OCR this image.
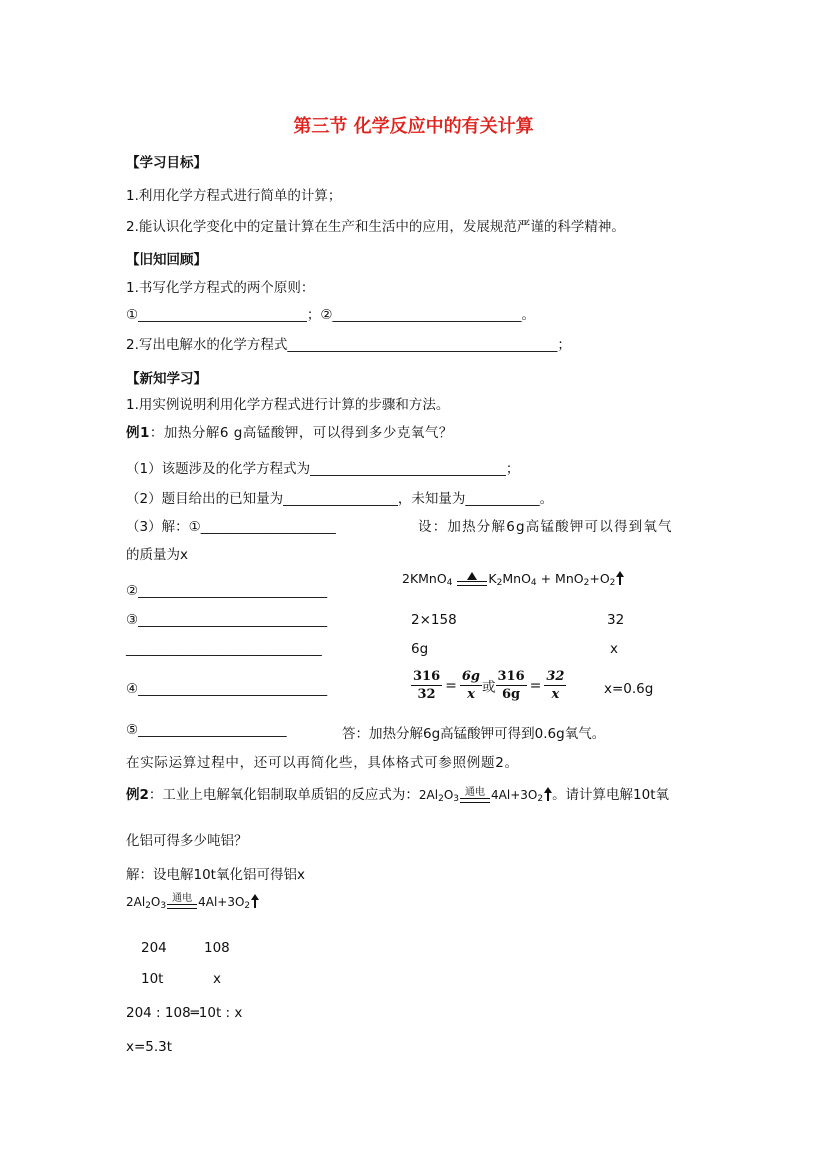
第三节 化学反应中的有关计算
【学习目标】
1.利用化学方程式进行简单的计算；
2.能认识化学变化中的定量计算在生产和生活中的应用，发展规范严谨的科学精神。
【旧知回顾】
1.书写化学方程式的两个原则：
①_________________________；②____________________________。
2.写出电解水的化学方程式________________________________________；
【新知学习】
1.用实例说明利用化学方程式进行计算的步骤和方法。
例1：加热分解6 g高锰酸钾，可以得到多少克氧气？
（1）该题涉及的化学方程式为_____________________________；
（2）题目给出的已知量为_________________，未知量为___________。
（3）解：①____________________	设：加热分解6g高锰酸钾可以得到氧气
的质量为x
②____________________________
2KMnO$_4$	$K_2MnO_4 + MnO_2+O_2$
③____________________________	2×158	32
_____________________________	6g	x
④____________________________	$\frac{316}{32} = \frac{6g}{x}$ 或 $\frac{316}{6g} = \frac{32}{x}$	x=0.6g
⑤______________________	答：加热分解6g高锰酸钾可得到0.6g氧气。
在实际运算过程中，还可以再简化些，具体格式可参照例题2。
例2：工业上电解氧化铝制取单质铝的反应式为：$2Al_2O_3$
通电 $4Al+3O_2$ 。请计算电解10t氧
化铝可得多少吨铝？
解：设电解10t氧化铝可得铝x
$2Al_2O_3$
通电 $4Al+3O_2$
204	108
10t	x
204 : 108═10t : x
x=5.3t
